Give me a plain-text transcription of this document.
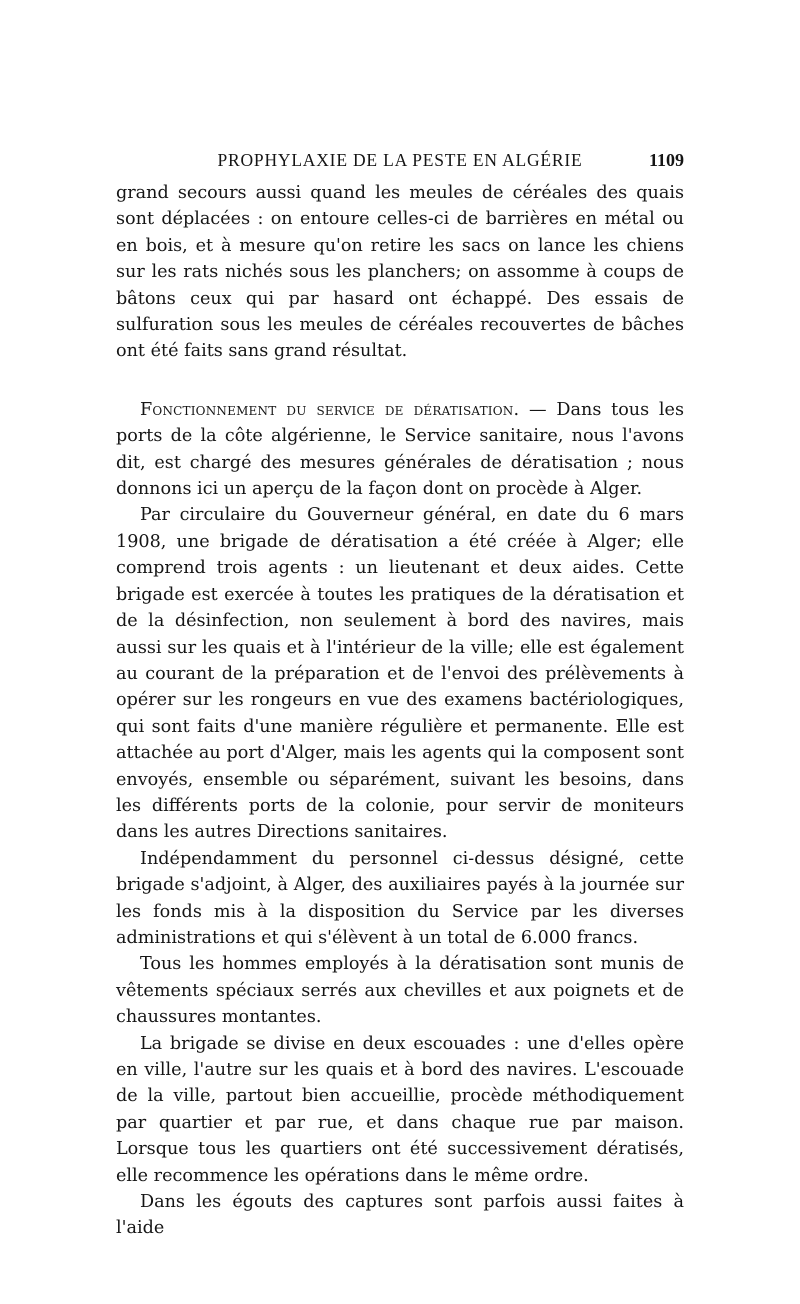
PROPHYLAXIE DE LA PESTE EN ALGÉRIE	1109

grand secours aussi quand les meules de céréales des quais sont déplacées : on entoure celles-ci de barrières en métal ou en bois, et à mesure qu'on retire les sacs on lance les chiens sur les rats nichés sous les planchers; on assomme à coups de bâtons ceux qui par hasard ont échappé. Des essais de sulfuration sous les meules de céréales recouvertes de bâches ont été faits sans grand résultat.

Fonctionnement du service de dératisation. — Dans tous les ports de la côte algérienne, le Service sanitaire, nous l'avons dit, est chargé des mesures générales de dératisation ; nous donnons ici un aperçu de la façon dont on procède à Alger.

Par circulaire du Gouverneur général, en date du 6 mars 1908, une brigade de dératisation a été créée à Alger; elle comprend trois agents : un lieutenant et deux aides. Cette brigade est exercée à toutes les pratiques de la dératisation et de la désinfection, non seulement à bord des navires, mais aussi sur les quais et à l'intérieur de la ville; elle est également au courant de la préparation et de l'envoi des prélèvements à opérer sur les rongeurs en vue des examens bactériologiques, qui sont faits d'une manière régulière et permanente. Elle est attachée au port d'Alger, mais les agents qui la composent sont envoyés, ensemble ou séparément, suivant les besoins, dans les différents ports de la colonie, pour servir de moniteurs dans les autres Directions sanitaires.

Indépendamment du personnel ci-dessus désigné, cette brigade s'adjoint, à Alger, des auxiliaires payés à la journée sur les fonds mis à la disposition du Service par les diverses administrations et qui s'élèvent à un total de 6.000 francs.

Tous les hommes employés à la dératisation sont munis de vêtements spéciaux serrés aux chevilles et aux poignets et de chaussures montantes.

La brigade se divise en deux escouades : une d'elles opère en ville, l'autre sur les quais et à bord des navires. L'escouade de la ville, partout bien accueillie, procède méthodiquement par quartier et par rue, et dans chaque rue par maison. Lorsque tous les quartiers ont été successivement dératisés, elle recommence les opérations dans le même ordre.

Dans les égouts des captures sont parfois aussi faites à l'aide
